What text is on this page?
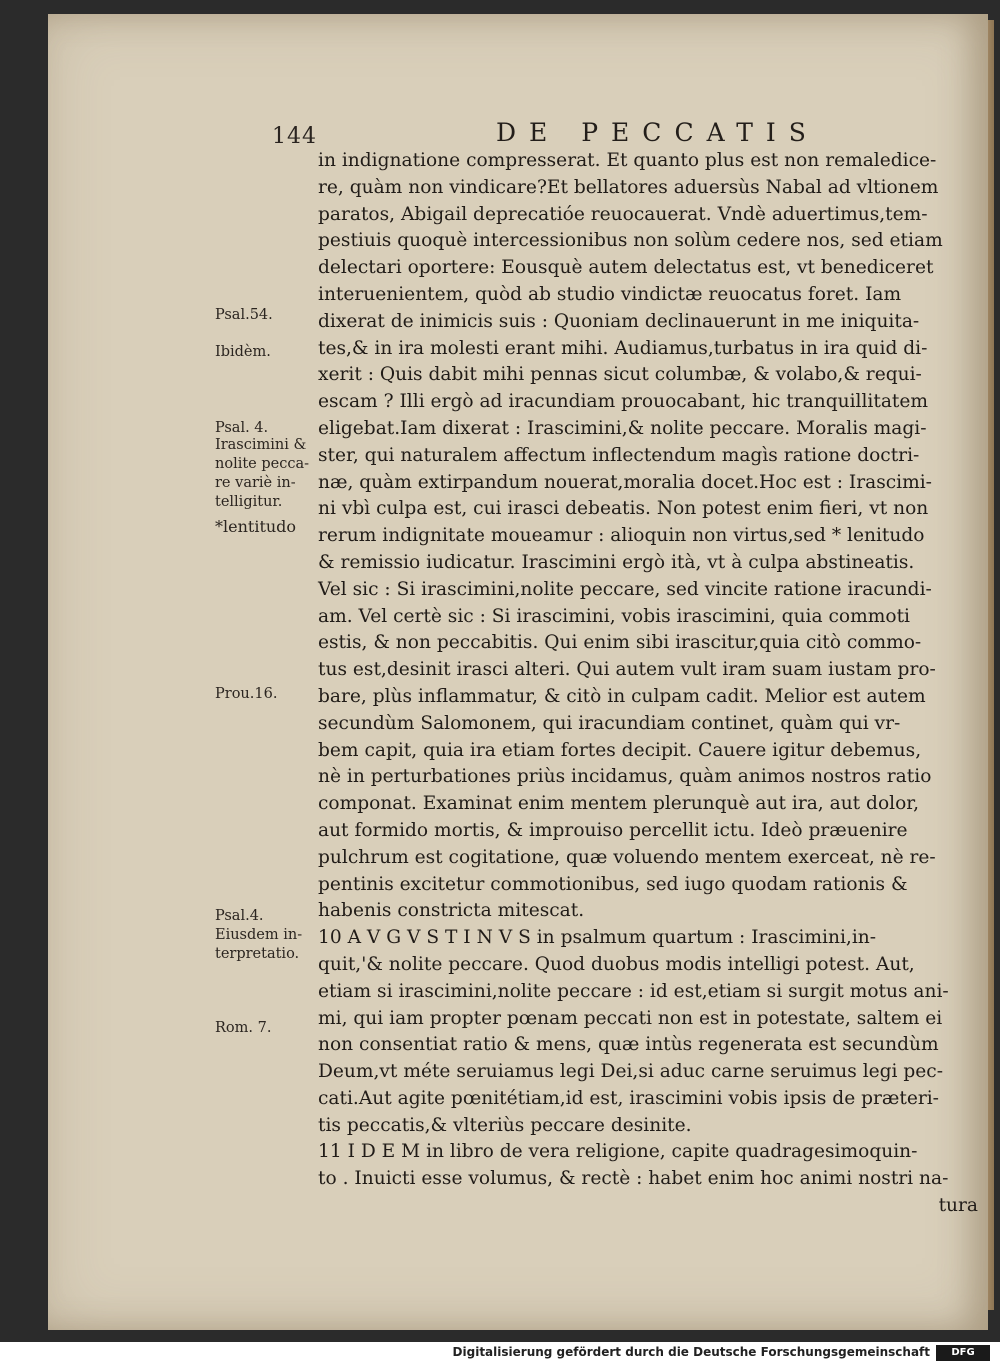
144	DE PECCATIS
in indignatione compresserat. Et quanto plus est non remaledice-
re, quàm non vindicare?Et bellatores aduersùs Nabal ad vltionem
paratos, Abigail deprecatióe reuocauerat. Vndè aduertimus,tem-
pestiuis quoquè intercessionibus non solùm cedere nos, sed etiam
delectari oportere: Eousquè autem delectatus est, vt benediceret
interuenientem, quòd ab studio vindictæ reuocatus foret. Iam
dixerat de inimicis suis : Quoniam declinauerunt in me iniquita-
tes,& in ira molesti erant mihi. Audiamus,turbatus in ira quid di-
xerit : Quis dabit mihi pennas sicut columbæ, & volabo,& requi-
escam ? Illi ergò ad iracundiam prouocabant, hic tranquillitatem
eligebat.Iam dixerat : Irascimini,& nolite peccare. Moralis magi-
ster, qui naturalem affectum inflectendum magìs ratione doctri-
næ, quàm extirpandum nouerat,moralia docet.Hoc est : Irascimi-
ni vbì culpa est, cui irasci debeatis. Non potest enim fieri, vt non
rerum indignitate moueamur : alioquin non virtus,sed * lenitudo
& remissio iudicatur. Irascimini ergò ità, vt à culpa abstineatis.
Vel sic : Si irascimini,nolite peccare, sed vincite ratione iracundi-
am. Vel certè sic : Si irascimini, vobis irascimini, quia commoti
estis, & non peccabitis. Qui enim sibi irascitur,quia citò commo-
tus est,desinit irasci alteri. Qui autem vult iram suam iustam pro-
bare, plùs inflammatur, & citò in culpam cadit. Melior est autem
secundùm Salomonem, qui iracundiam continet, quàm qui vr-
bem capit, quia ira etiam fortes decipit. Cauere igitur debemus,
nè in perturbationes priùs incidamus, quàm animos nostros ratio
componat. Examinat enim mentem plerunquè aut ira, aut dolor,
aut formido mortis, & improuiso percellit ictu. Ideò præuenire
pulchrum est cogitatione, quæ voluendo mentem exerceat, nè re-
pentinis excitetur commotionibus, sed iugo quodam rationis &
habenis constricta mitescat.
10 A V G V S T I N V S in psalmum quartum : Irascimini,in-
quit,'& nolite peccare. Quod duobus modis intelligi potest. Aut,
etiam si irascimini,nolite peccare : id est,etiam si surgit motus ani-
mi, qui iam propter pœnam peccati non est in potestate, saltem ei
non consentiat ratio & mens, quæ intùs regenerata est secundùm
Deum,vt méte seruiamus legi Dei,si aduc carne seruimus legi pec-
cati.Aut agite pœnitétiam,id est, irascimini vobis ipsis de præteri-
tis peccatis,& vlteriùs peccare desinite.
11 I D E M in libro de vera religione, capite quadragesimoquin-
to . Inuicti esse volumus, & rectè : habet enim hoc animi nostri na-
tura
Psal.54.
Ibidèm.
Psal. 4.
Irascimini &
nolite pecca-
re variè in-
telligitur.
*lentitudo
Prou.16.
Psal.4.
Eiusdem in-
terpretatio.
Rom. 7.
Digitalisierung gefördert durch die Deutsche Forschungsgemeinschaft	DFG
